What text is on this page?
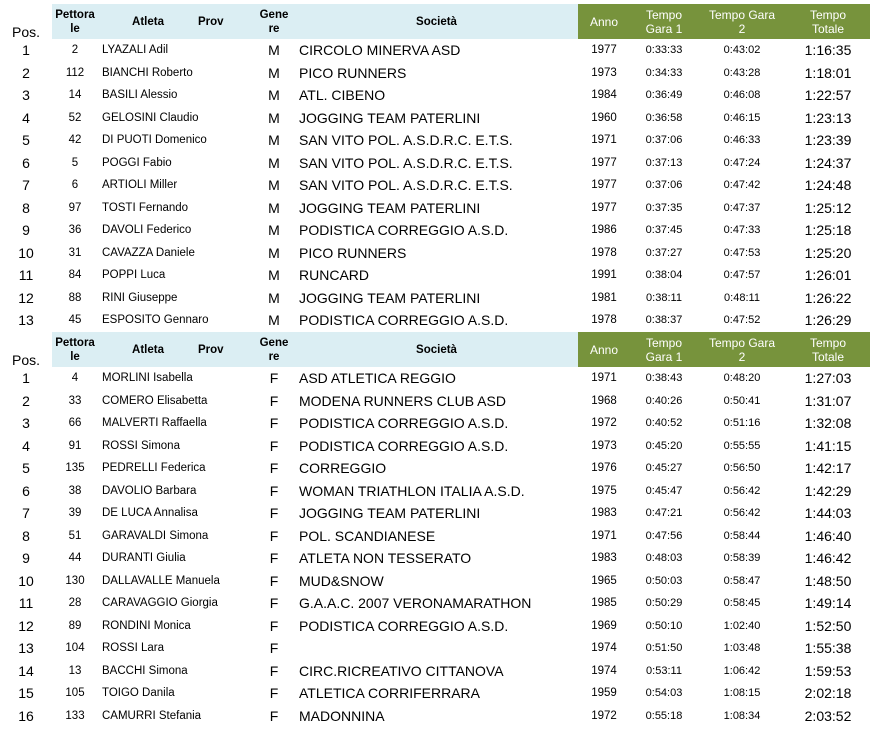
Pos.	Pettora
le	Atleta	Prov	Gene
re	Società	Anno	Tempo
Gara 1	Tempo Gara
2	Tempo
Totale
1	2	LYAZALI Adil		M	CIRCOLO MINERVA ASD	1977	0:33:33	0:43:02	1:16:35
2	112	BIANCHI Roberto		M	PICO RUNNERS	1973	0:34:33	0:43:28	1:18:01
3	14	BASILI Alessio		M	ATL. CIBENO	1984	0:36:49	0:46:08	1:22:57
4	52	GELOSINI Claudio		M	JOGGING TEAM PATERLINI	1960	0:36:58	0:46:15	1:23:13
5	42	DI PUOTI Domenico		M	SAN VITO POL. A.S.D.R.C. E.T.S.	1971	0:37:06	0:46:33	1:23:39
6	5	POGGI Fabio		M	SAN VITO POL. A.S.D.R.C. E.T.S.	1977	0:37:13	0:47:24	1:24:37
7	6	ARTIOLI Miller		M	SAN VITO POL. A.S.D.R.C. E.T.S.	1977	0:37:06	0:47:42	1:24:48
8	97	TOSTI Fernando		M	JOGGING TEAM PATERLINI	1977	0:37:35	0:47:37	1:25:12
9	36	DAVOLI Federico		M	PODISTICA CORREGGIO A.S.D.	1986	0:37:45	0:47:33	1:25:18
10	31	CAVAZZA Daniele		M	PICO RUNNERS	1978	0:37:27	0:47:53	1:25:20
11	84	POPPI Luca		M	RUNCARD	1991	0:38:04	0:47:57	1:26:01
12	88	RINI Giuseppe		M	JOGGING TEAM PATERLINI	1981	0:38:11	0:48:11	1:26:22
13	45	ESPOSITO Gennaro		M	PODISTICA CORREGGIO A.S.D.	1978	0:38:37	0:47:52	1:26:29
Pos.	Pettora
le	Atleta	Prov	Gene
re	Società	Anno	Tempo
Gara 1	Tempo Gara
2	Tempo
Totale
1	4	MORLINI Isabella		F	ASD ATLETICA REGGIO	1971	0:38:43	0:48:20	1:27:03
2	33	COMERO Elisabetta		F	MODENA RUNNERS CLUB ASD	1968	0:40:26	0:50:41	1:31:07
3	66	MALVERTI Raffaella		F	PODISTICA CORREGGIO A.S.D.	1972	0:40:52	0:51:16	1:32:08
4	91	ROSSI Simona		F	PODISTICA CORREGGIO A.S.D.	1973	0:45:20	0:55:55	1:41:15
5	135	PEDRELLI Federica		F	CORREGGIO	1976	0:45:27	0:56:50	1:42:17
6	38	DAVOLIO Barbara		F	WOMAN TRIATHLON ITALIA A.S.D.	1975	0:45:47	0:56:42	1:42:29
7	39	DE LUCA Annalisa		F	JOGGING TEAM PATERLINI	1983	0:47:21	0:56:42	1:44:03
8	51	GARAVALDI Simona		F	POL. SCANDIANESE	1971	0:47:56	0:58:44	1:46:40
9	44	DURANTI Giulia		F	ATLETA NON TESSERATO	1983	0:48:03	0:58:39	1:46:42
10	130	DALLAVALLE Manuela		F	MUD&SNOW	1965	0:50:03	0:58:47	1:48:50
11	28	CARAVAGGIO Giorgia		F	G.A.A.C. 2007 VERONAMARATHON	1985	0:50:29	0:58:45	1:49:14
12	89	RONDINI Monica		F	PODISTICA CORREGGIO A.S.D.	1969	0:50:10	1:02:40	1:52:50
13	104	ROSSI Lara		F		1974	0:51:50	1:03:48	1:55:38
14	13	BACCHI Simona		F	CIRC.RICREATIVO CITTANOVA	1974	0:53:11	1:06:42	1:59:53
15	105	TOIGO Danila		F	ATLETICA CORRIFERRARA	1959	0:54:03	1:08:15	2:02:18
16	133	CAMURRI Stefania		F	MADONNINA	1972	0:55:18	1:08:34	2:03:52
